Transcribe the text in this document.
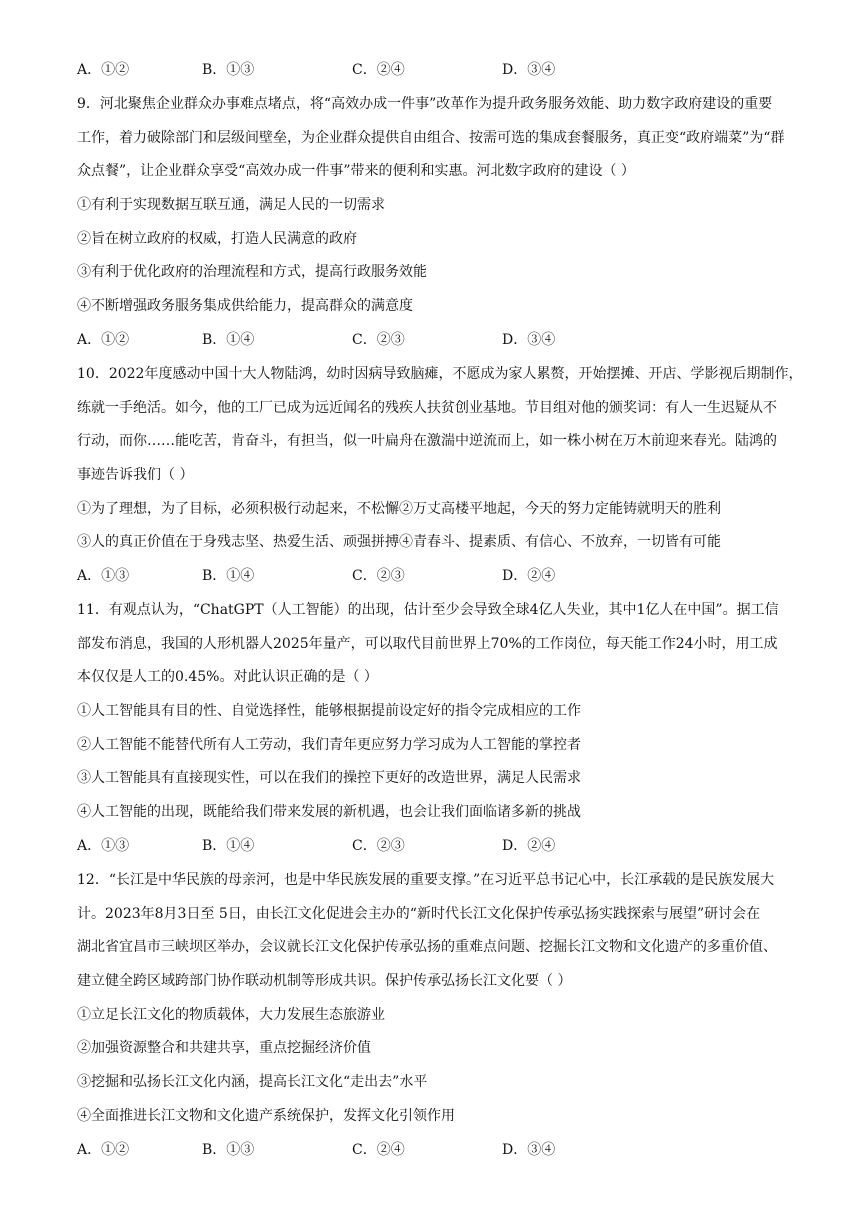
A．①②	B．①③	C．②④	D．③④
9．河北聚焦企业群众办事难点堵点，将“高效办成一件事”改革作为提升政务服务效能、助力数字政府建设的重要
工作，着力破除部门和层级间壁垒，为企业群众提供自由组合、按需可选的集成套餐服务，真正变“政府端菜”为“群
众点餐”，让企业群众享受“高效办成一件事”带来的便利和实惠。河北数字政府的建设（ ）
①有利于实现数据互联互通，满足人民的一切需求
②旨在树立政府的权威，打造人民满意的政府
③有利于优化政府的治理流程和方式，提高行政服务效能
④不断增强政务服务集成供给能力，提高群众的满意度
A．①②	B．①④	C．②③	D．③④
10．2022年度感动中国十大人物陆鸿，幼时因病导致脑瘫，不愿成为家人累赘，开始摆摊、开店、学影视后期制作，
练就一手绝活。如今，他的工厂已成为远近闻名的残疾人扶贫创业基地。节目组对他的颁奖词：有人一生迟疑从不
行动，而你……能吃苦，肯奋斗，有担当，似一叶扁舟在激湍中逆流而上，如一株小树在万木前迎来春光。陆鸿的
事迹告诉我们（ ）
①为了理想，为了目标，必须积极行动起来，不松懈②万丈高楼平地起，今天的努力定能铸就明天的胜利
③人的真正价值在于身残志坚、热爱生活、顽强拼搏④青春斗、提素质、有信心、不放弃，一切皆有可能
A．①③	B．①④	C．②③	D．②④
11．有观点认为，“ChatGPT（人工智能）的出现，估计至少会导致全球4亿人失业，其中1亿人在中国”。据工信
部发布消息，我国的人形机器人2025年量产，可以取代目前世界上70%的工作岗位，每天能工作24小时，用工成
本仅仅是人工的0.45%。对此认识正确的是（ ）
①人工智能具有目的性、自觉选择性，能够根据提前设定好的指令完成相应的工作
②人工智能不能替代所有人工劳动，我们青年更应努力学习成为人工智能的掌控者
③人工智能具有直接现实性，可以在我们的操控下更好的改造世界，满足人民需求
④人工智能的出现，既能给我们带来发展的新机遇，也会让我们面临诸多新的挑战
A．①③	B．①④	C．②③	D．②④
12．“长江是中华民族的母亲河，也是中华民族发展的重要支撑。”在习近平总书记心中，长江承载的是民族发展大
计。2023年8月3日至 5日，由长江文化促进会主办的“新时代长江文化保护传承弘扬实践探索与展望”研讨会在
湖北省宜昌市三峡坝区举办，会议就长江文化保护传承弘扬的重难点问题、挖掘长江文物和文化遗产的多重价值、
建立健全跨区域跨部门协作联动机制等形成共识。保护传承弘扬长江文化要（ ）
①立足长江文化的物质载体，大力发展生态旅游业
②加强资源整合和共建共享，重点挖掘经济价值
③挖掘和弘扬长江文化内涵，提高长江文化“走出去”水平
④全面推进长江文物和文化遗产系统保护，发挥文化引领作用
A．①②	B．①③	C．②④	D．③④
